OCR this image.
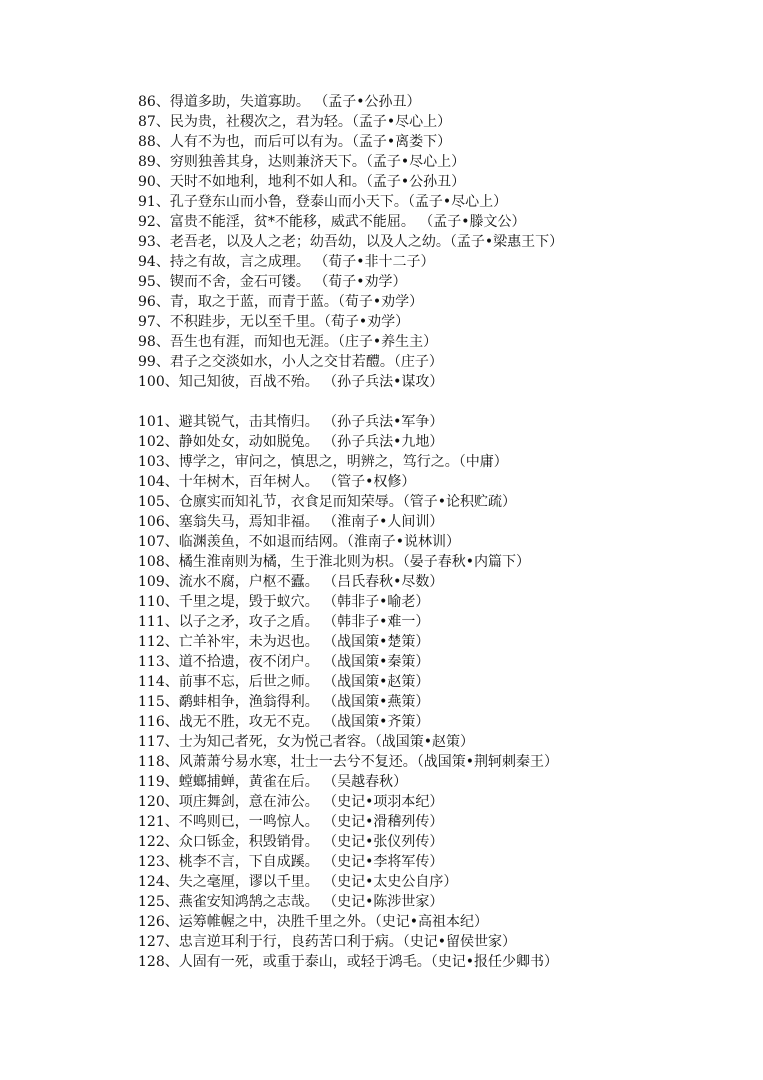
86、得道多助，失道寡助。 （孟子•公孙丑）
87、民为贵，社稷次之，君为轻。（孟子•尽心上）
88、人有不为也，而后可以有为。（孟子•离娄下）
89、穷则独善其身，达则兼济天下。（孟子•尽心上）
90、天时不如地利，地利不如人和。（孟子•公孙丑）
91、孔子登东山而小鲁，登泰山而小天下。（孟子•尽心上）
92、富贵不能淫，贫*不能移，威武不能屈。 （孟子•滕文公）
93、老吾老，以及人之老；幼吾幼，以及人之幼。（孟子•梁惠王下）
94、持之有故，言之成理。 （荀子•非十二子）
95、锲而不舍，金石可镂。 （荀子•劝学）
96、青，取之于蓝，而青于蓝。（荀子•劝学）
97、不积跬步，无以至千里。（荀子•劝学）
98、吾生也有涯，而知也无涯。（庄子•养生主）
99、君子之交淡如水，小人之交甘若醴。（庄子）
100、知己知彼，百战不殆。 （孙子兵法•谋攻）
101、避其锐气，击其惰归。 （孙子兵法•军争）
102、静如处女，动如脱兔。 （孙子兵法•九地）
103、博学之，审问之，慎思之，明辨之，笃行之。（中庸）
104、十年树木，百年树人。 （管子•权修）
105、仓廪实而知礼节，衣食足而知荣辱。（管子•论积贮疏）
106、塞翁失马，焉知非福。 （淮南子•人间训）
107、临渊羡鱼，不如退而结网。（淮南子•说林训）
108、橘生淮南则为橘，生于淮北则为枳。（晏子春秋•内篇下）
109、流水不腐，户枢不蠹。 （吕氏春秋•尽数）
110、千里之堤，毁于蚁穴。 （韩非子•喻老）
111、以子之矛，攻子之盾。 （韩非子•难一）
112、亡羊补牢，未为迟也。 （战国策•楚策）
113、道不拾遗，夜不闭户。 （战国策•秦策）
114、前事不忘，后世之师。 （战国策•赵策）
115、鹬蚌相争，渔翁得利。 （战国策•燕策）
116、战无不胜，攻无不克。 （战国策•齐策）
117、士为知己者死，女为悦己者容。（战国策•赵策）
118、风萧萧兮易水寒，壮士一去兮不复还。（战国策•荆轲刺秦王）
119、螳螂捕蝉，黄雀在后。 （吴越春秋）
120、项庄舞剑，意在沛公。 （史记•项羽本纪）
121、不鸣则已，一鸣惊人。 （史记•滑稽列传）
122、众口铄金，积毁销骨。 （史记•张仪列传）
123、桃李不言，下自成蹊。 （史记•李将军传）
124、失之毫厘，谬以千里。 （史记•太史公自序）
125、燕雀安知鸿鹄之志哉。 （史记•陈涉世家）
126、运筹帷幄之中，决胜千里之外。（史记•高祖本纪）
127、忠言逆耳利于行，良药苦口利于病。（史记•留侯世家）
128、人固有一死，或重于泰山，或轻于鸿毛。（史记•报任少卿书）
